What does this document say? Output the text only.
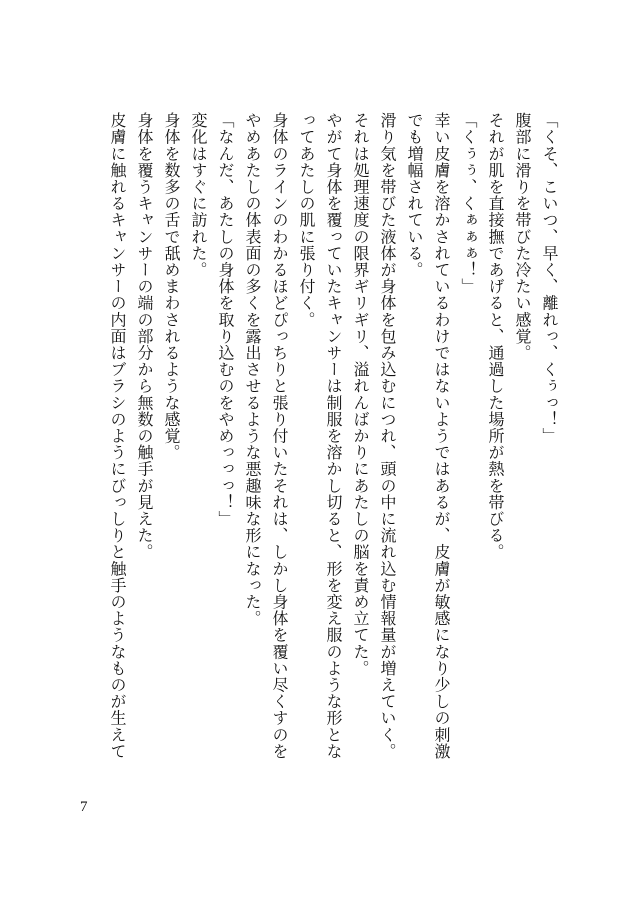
「くそ、こいつ、早く、離れっ、くぅっ！」
腹部に滑りを帯びた冷たい感覚。
それが肌を直接撫であげると、通過した場所が熱を帯びる。
「くぅぅ、くぁぁぁ！」
幸い皮膚を溶かされているわけではないようではあるが、皮膚が敏感になり少しの刺激
でも増幅されている。
滑り気を帯びた液体が身体を包み込むにつれ、頭の中に流れ込む情報量が増えていく。
それは処理速度の限界ギリギリ、溢れんばかりにあたしの脳を責め立てた。
やがて身体を覆っていたキャンサーは制服を溶かし切ると、形を変え服のような形とな
ってあたしの肌に張り付く。
身体のラインのわかるほどぴっちりと張り付いたそれは、しかし身体を覆い尽くすのを
やめあたしの体表面の多くを露出させるような悪趣味な形になった。
「なんだ、あたしの身体を取り込むのをやめっっっ！」
変化はすぐに訪れた。
身体を数多の舌で舐めまわされるような感覚。
身体を覆うキャンサーの端の部分から無数の触手が見えた。
皮膚に触れるキャンサーの内面はブラシのようにびっしりと触手のようなものが生えて
7
